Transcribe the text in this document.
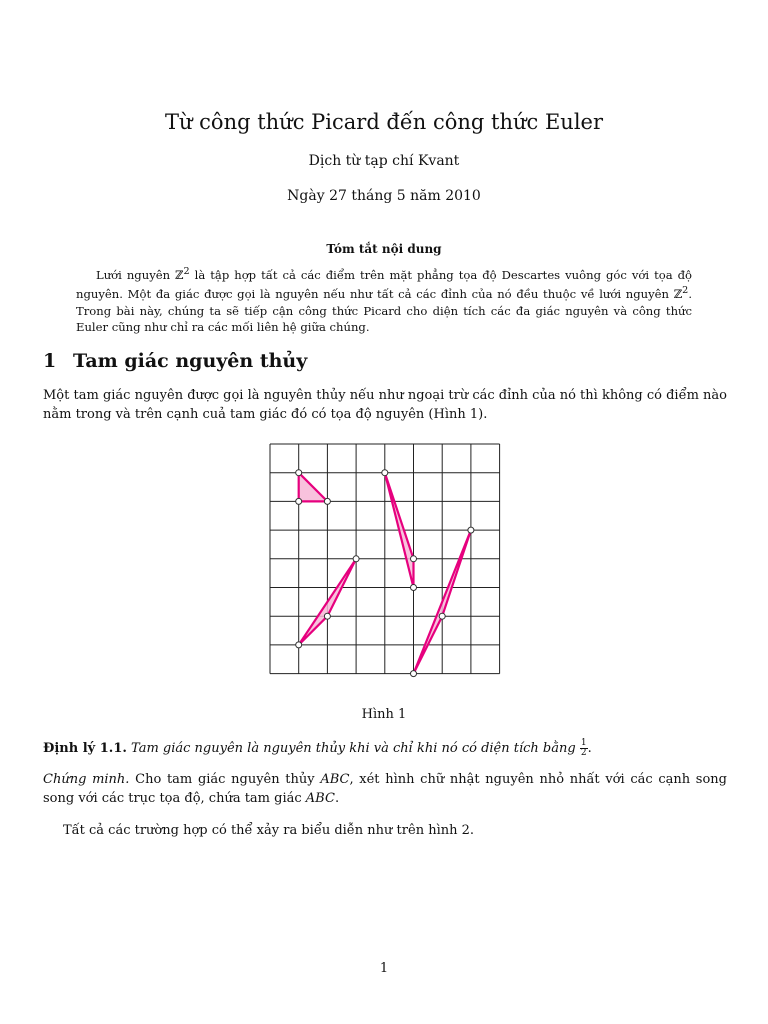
Từ công thức Picard đến công thức Euler
Dịch từ tạp chí Kvant
Ngày 27 tháng 5 năm 2010
Tóm tắt nội dung
Lưới nguyên ℤ$^2$ là tập hợp tất cả các điểm trên mặt phẳng tọa độ Descartes vuông góc với tọa độ nguyên. Một đa giác được gọi là nguyên nếu như tất cả các đỉnh của nó đều thuộc về lưới nguyên ℤ$^2$. Trong bài này, chúng ta sẽ tiếp cận công thức Picard cho diện tích các đa giác nguyên và công thức Euler cũng như chỉ ra các mối liên hệ giữa chúng.
1 Tam giác nguyên thủy
Một tam giác nguyên được gọi là nguyên thủy nếu như ngoại trừ các đỉnh của nó thì không có điểm nào nằm trong và trên cạnh cuả tam giác đó có tọa độ nguyên (Hình 1).
Hình 1
Định lý 1.1. Tam giác nguyên là nguyên thủy khi và chỉ khi nó có diện tích bằng $\frac{1}{2}$ .
Chứng minh. Cho tam giác nguyên thủy ABC, xét hình chữ nhật nguyên nhỏ nhất với các cạnh song song với các trục tọa độ, chứa tam giác ABC.
Tất cả các trường hợp có thể xảy ra biểu diễn như trên hình 2.
1
